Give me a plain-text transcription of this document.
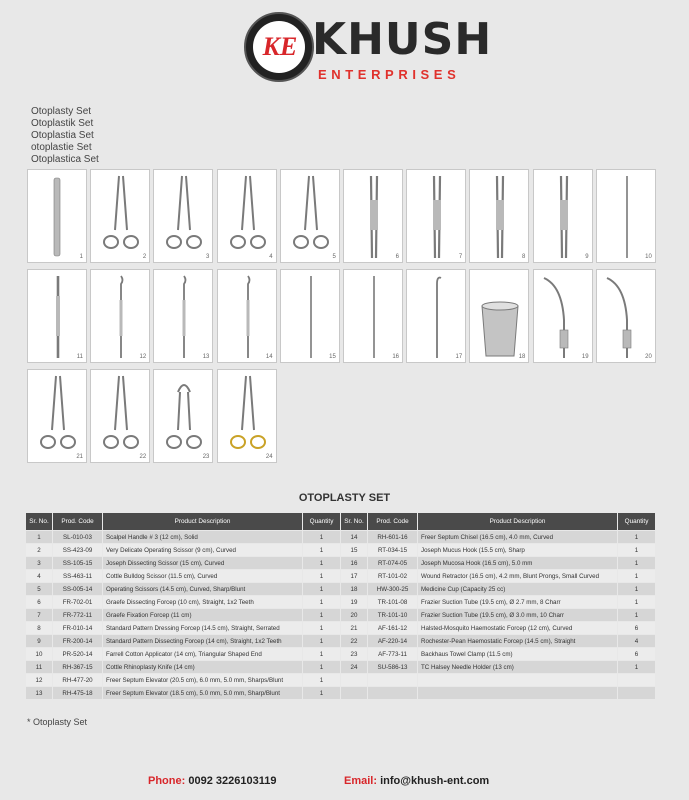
KE KHUSH
ENTERPRISES
Otoplasty Set
Otoplastik Set
Otoplastia Set
otoplastie Set
Otoplastica Set
1	2	3	4	5	6	7	8	9	10
11	12	13	14	15	16	17	18	19	20
21	22	23	24
OTOPLASTY SET
Sr. No.	Prod. Code	Product Description	Quantity	Sr. No.	Prod. Code	Product Description	Quantity
1	SL-010-03	Scalpel Handle # 3 (12 cm), Solid	1	14	RH-601-16	Freer Septum Chisel (16.5 cm), 4.0 mm, Curved	1
2	SS-423-09	Very Delicate Operating Scissor (9 cm), Curved	1	15	RT-034-15	Joseph Mucus Hook (15.5 cm), Sharp	1
3	SS-105-15	Joseph Dissecting Scissor (15 cm), Curved	1	16	RT-074-05	Joseph Mucosa Hook (16.5 cm), 5.0 mm	1
4	SS-463-11	Cottle Bulldog Scissor (11.5 cm), Curved	1	17	RT-101-02	Wound Retractor (16.5 cm), 4.2 mm, Blunt Prongs, Small Curved	1
5	SS-005-14	Operating Scissors (14.5 cm), Curved, Sharp/Blunt	1	18	HW-300-25	Medicine Cup (Capacity 25 cc)	1
6	FR-702-01	Graefe Dissecting Forcep (10 cm), Straight, 1x2 Teeth	1	19	TR-101-08	Frazier Suction Tube (19.5 cm), Ø 2.7 mm, 8 Charr	1
7	FR-772-11	Graefe Fixation Forcep (11 cm)	1	20	TR-101-10	Frazier Suction Tube (19.5 cm), Ø 3.0 mm, 10 Charr	1
8	FR-010-14	Standard Pattern Dressing Forcep (14.5 cm), Straight, Serrated	1	21	AF-161-12	Halsted-Mosquito Haemostatic Forcep (12 cm), Curved	6
9	FR-200-14	Standard Pattern Dissecting Forcep (14 cm), Straight, 1x2 Teeth	1	22	AF-220-14	Rochester-Pean Haemostatic Forcep (14.5 cm), Straight	4
10	PR-520-14	Farrell Cotton Applicator (14 cm), Triangular Shaped End	1	23	AF-773-11	Backhaus Towel Clamp (11.5 cm)	6
11	RH-367-15	Cottle Rhinoplasty Knife (14 cm)	1	24	SU-586-13	TC Halsey Needle Holder (13 cm)	1
12	RH-477-20	Freer Septum Elevator (20.5 cm), 6.0 mm, 5.0 mm, Sharps/Blunt	1				
13	RH-475-18	Freer Septum Elevator (18.5 cm), 5.0 mm, 5.0 mm, Sharp/Blunt	1				
* Otoplasty Set
Phone: 0092 3226103119	Email: info@khush-ent.com
